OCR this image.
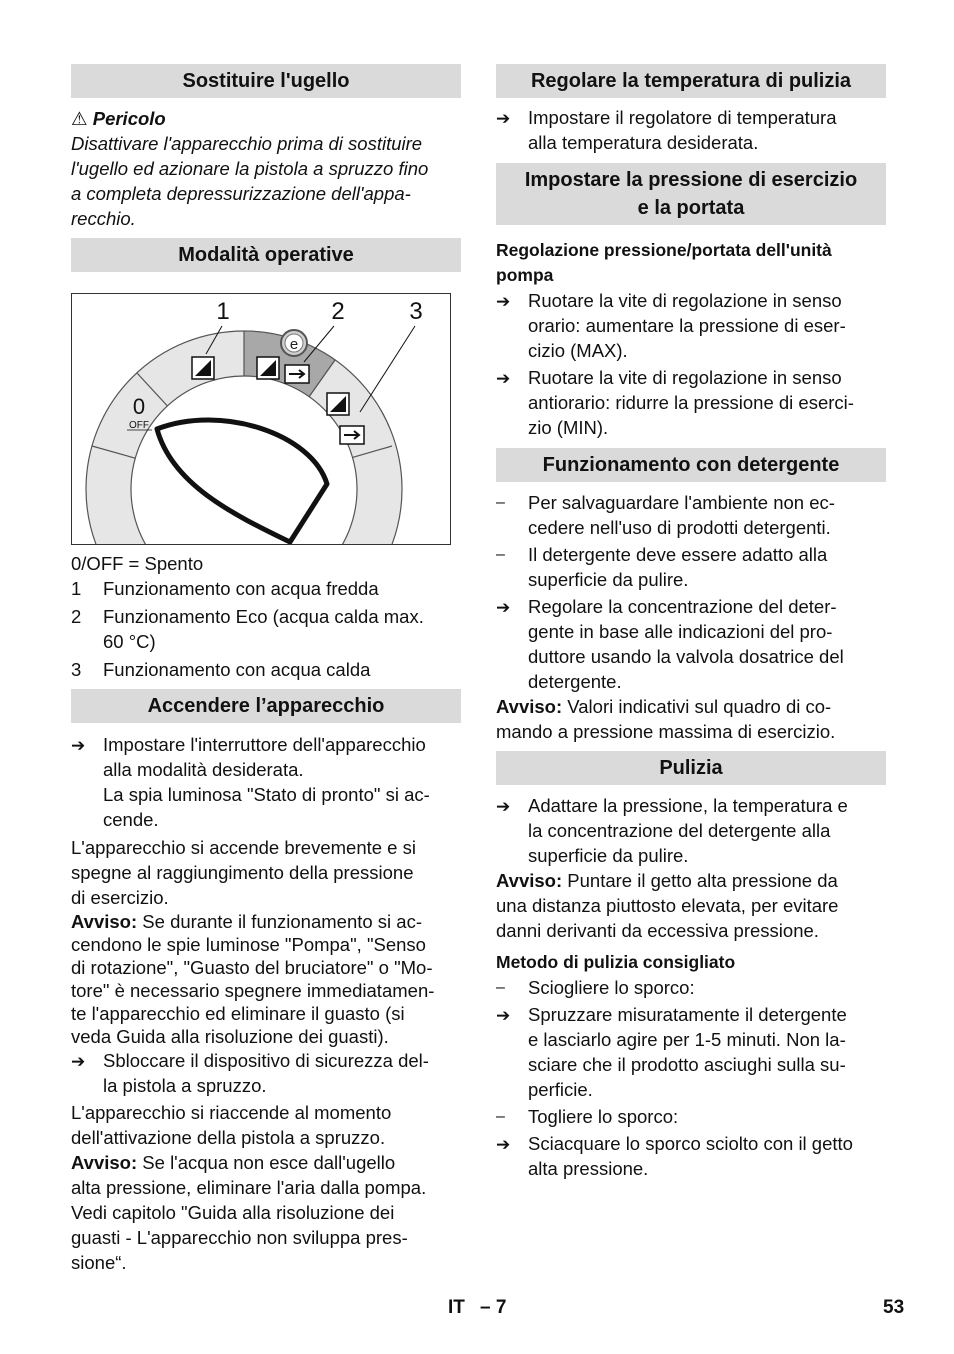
Sostituire l'ugello

⚠ Pericolo

Disattivare l'apparecchio prima di sostituire

l'ugello ed azionare la pistola a spruzzo fino

a completa depressurizzazione dell'appa-

recchio.

Modalità operative
e
1	2	3
0
OFF

0/OFF = Spento

1	Funzionamento con acqua fredda
2	Funzionamento Eco (acqua calda max.
60 °C)
3	Funzionamento con acqua calda
Accendere l’apparecchio
➔
Impostare l'interruttore dell'apparecchio
alla modalità desiderata.
La spia luminosa "Stato di pronto" si ac-
cende.

L'apparecchio si accende brevemente e si
spegne al raggiungimento della pressione
di esercizio.

Avviso: Se durante il funzionamento si ac-
cendono le spie luminose "Pompa", "Senso
di rotazione", "Guasto del bruciatore" o "Mo-
tore" è necessario spegnere immediatamen-
te l'apparecchio ed eliminare il guasto (si
veda Guida alla risoluzione dei guasti).

➔
Sbloccare il dispositivo di sicurezza del-
la pistola a spruzzo.

L'apparecchio si riaccende al momento
dell'attivazione della pistola a spruzzo.

Avviso: Se l'acqua non esce dall'ugello
alta pressione, eliminare l'aria dalla pompa.
Vedi capitolo "Guida alla risoluzione dei
guasti - L'apparecchio non sviluppa pres-
sione“.

Regolare la temperatura di pulizia
➔
Impostare il regolatore di temperatura
alla temperatura desiderata.
Impostare la pressione di esercizio
e la portata

Regolazione pressione/portata dell'unità
pompa

➔
Ruotare la vite di regolazione in senso
orario: aumentare la pressione di eser-
cizio (MAX).
➔
Ruotare la vite di regolazione in senso
antiorario: ridurre la pressione di eserci-
zio (MIN).
Funzionamento con detergente
–	Per salvaguardare l'ambiente non ec-
cedere nell'uso di prodotti detergenti.
–	Il detergente deve essere adatto alla
superficie da pulire.
➔
Regolare la concentrazione del deter-
gente in base alle indicazioni del pro-
duttore usando la valvola dosatrice del
detergente.

Avviso: Valori indicativi sul quadro di co-
mando a pressione massima di esercizio.

Pulizia
➔
Adattare la pressione, la temperatura e
la concentrazione del detergente alla
superficie da pulire.

Avviso: Puntare il getto alta pressione da
una distanza piuttosto elevata, per evitare
danni derivanti da eccessiva pressione.

Metodo di pulizia consigliato

–	Sciogliere lo sporco:
➔
Spruzzare misuratamente il detergente
e lasciarlo agire per 1-5 minuti. Non la-
sciare che il prodotto asciughi sulla su-
perficie.
–	Togliere lo sporco:
➔
Sciacquare lo sporco sciolto con il getto
alta pressione.
IT – 7	53
